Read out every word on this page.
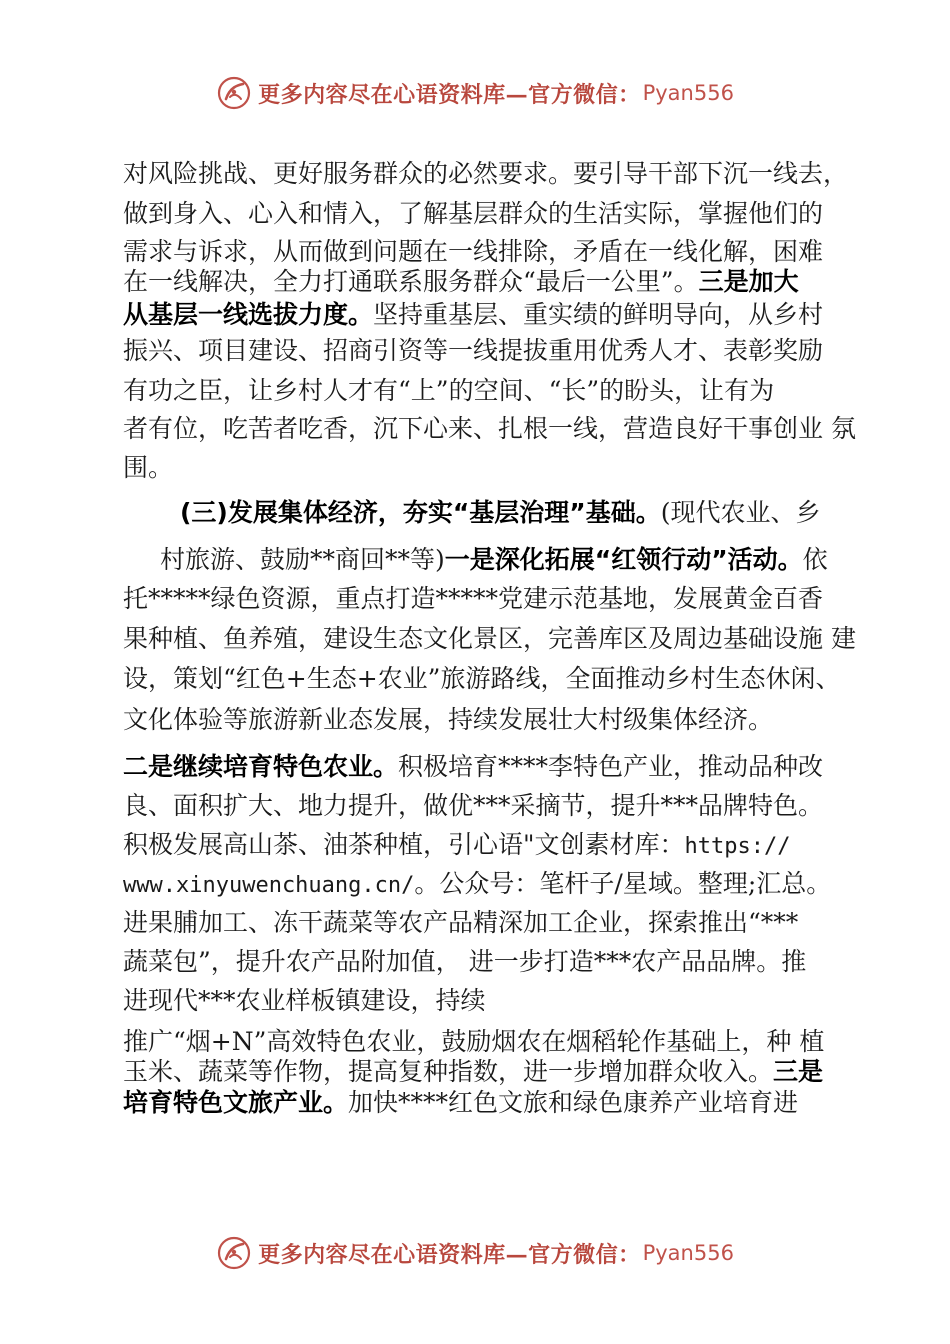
更多内容尽在心语资料库—官方微信： Pyan556
对风险挑战、更好服务群众的必然要求。要引导干部下沉一线去，
做到身入、心入和情入，了解基层群众的生活实际，掌握他们的
需求与诉求，从而做到问题在一线排除，矛盾在一线化解，困难
在一线解决，全力打通联系服务群众“最后一公里”。三是加大
从基层一线选拔力度。坚持重基层、重实绩的鲜明导向，从乡村
振兴、项目建设、招商引资等一线提拔重用优秀人才、表彰奖励
有功之臣，让乡村人才有“上”的空间、“长”的盼头，让有为
者有位，吃苦者吃香，沉下心来、扎根一线，营造良好干事创业 氛
围。
(三)发展集体经济，夯实“基层治理”基础。(现代农业、乡
村旅游、鼓励**商回**等)一是深化拓展“红领行动”活动。依
托*****绿色资源，重点打造*****党建示范基地，发展黄金百香
果种植、鱼养殖，建设生态文化景区，完善库区及周边基础设施 建
设，策划“红色+生态+农业”旅游路线，全面推动乡村生态休闲、
文化体验等旅游新业态发展，持续发展壮大村级集体经济。
二是继续培育特色农业。积极培育****李特色产业，推动品种改
良、面积扩大、地力提升，做优***采摘节，提升***品牌特色。
积极发展高山茶、油茶种植，引心语"文创素材库：https://
www.xinyuwenchuang.cn/。公众号：笔杆子/星域。整理;汇总。
进果脯加工、冻干蔬菜等农产品精深加工企业，探索推出“***
蔬菜包”，提升农产品附加值， 进一步打造***农产品品牌。推
进现代***农业样板镇建设，持续
推广“烟+N”高效特色农业，鼓励烟农在烟稻轮作基础上，种 植
玉米、蔬菜等作物，提高复种指数，进一步增加群众收入。三是
培育特色文旅产业。加快****红色文旅和绿色康养产业培育进
更多内容尽在心语资料库—官方微信： Pyan556
